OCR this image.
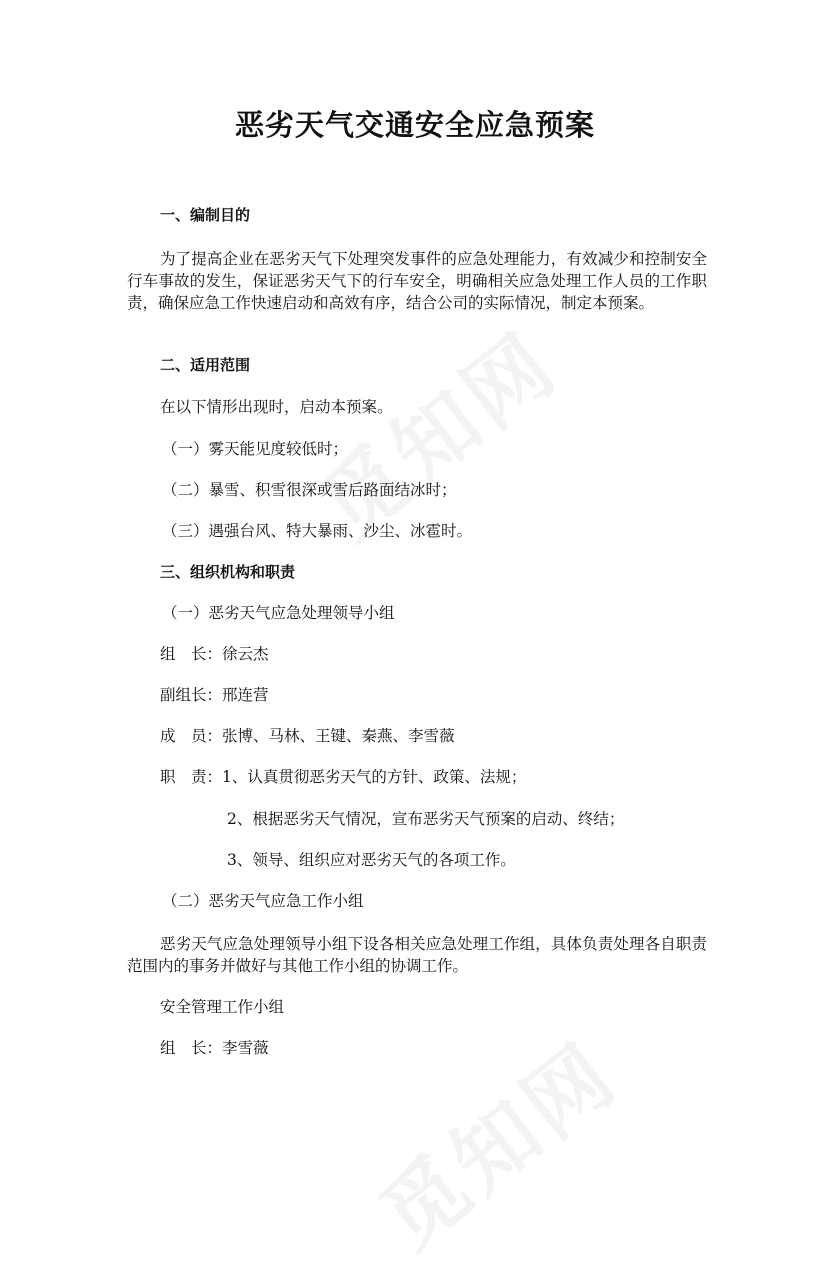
恶劣天气交通安全应急预案

一、编制目的

为了提高企业在恶劣天气下处理突发事件的应急处理能力，有效减少和控制安全行车事故的发生，保证恶劣天气下的行车安全，明确相关应急处理工作人员的工作职责，确保应急工作快速启动和高效有序，结合公司的实际情况，制定本预案。

二、适用范围

在以下情形出现时，启动本预案。

（一）雾天能见度较低时；

（二）暴雪、积雪很深或雪后路面结冰时；

（三）遇强台风、特大暴雨、沙尘、冰雹时。

三、组织机构和职责

（一）恶劣天气应急处理领导小组

组　长：徐云杰

副组长：邢连营

成　员：张博、马林、王键、秦燕、李雪薇

职　责：1、认真贯彻恶劣天气的方针、政策、法规；

2、根据恶劣天气情况，宣布恶劣天气预案的启动、终结；

3、领导、组织应对恶劣天气的各项工作。

（二）恶劣天气应急工作小组

恶劣天气应急处理领导小组下设各相关应急处理工作组，具体负责处理各自职责范围内的事务并做好与其他工作小组的协调工作。

安全管理工作小组

组　长：李雪薇
